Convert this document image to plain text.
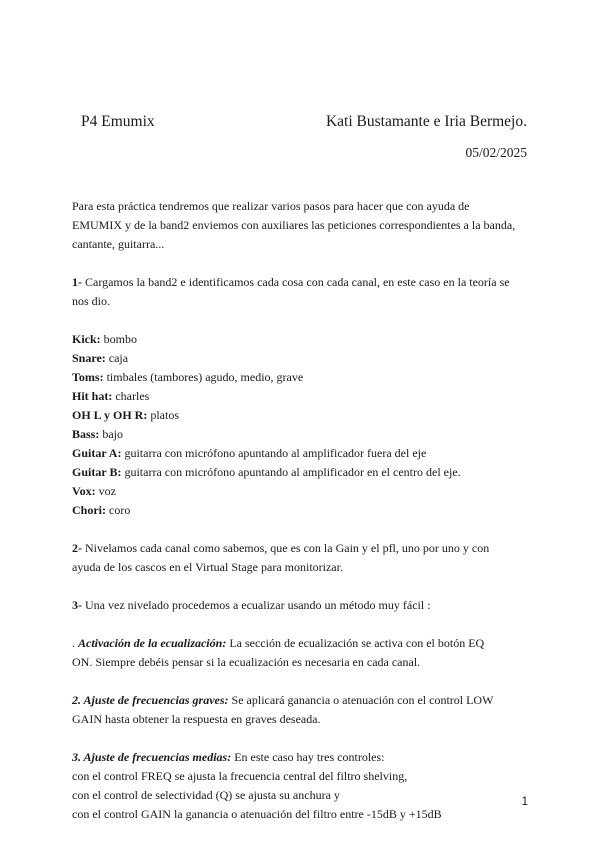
P4 Emumix	Kati Bustamante e Iria Bermejo.
05/02/2025

Para esta práctica tendremos que realizar varios pasos para hacer que con ayuda de
EMUMIX y de la band2 enviemos con auxiliares las peticiones correspondientes a la banda,
cantante, guitarra...

1- Cargamos la band2 e identificamos cada cosa con cada canal, en este caso en la teoría se
nos dio.

Kick: bombo
Snare: caja
Toms: timbales (tambores) agudo, medio, grave
Hit hat: charles
OH L y OH R: platos
Bass: bajo
Guitar A: guitarra con micrófono apuntando al amplificador fuera del eje
Guitar B: guitarra con micrófono apuntando al amplificador en el centro del eje.
Vox: voz
Chori: coro

2- Nivelamos cada canal como sabemos, que es con la Gain y el pfl, uno por uno y con
ayuda de los cascos en el Virtual Stage para monitorizar.

3- Una vez nivelado procedemos a ecualizar usando un método muy fácil :

. Activación de la ecualización: La sección de ecualización se activa con el botón EQ
ON. Siempre debéis pensar si la ecualización es necesaria en cada canal.

2. Ajuste de frecuencias graves: Se aplicará ganancia o atenuación con el control LOW
GAIN hasta obtener la respuesta en graves deseada.

3. Ajuste de frecuencias medias: En este caso hay tres controles:
con el control FREQ se ajusta la frecuencia central del filtro shelving,
con el control de selectividad (Q) se ajusta su anchura y
con el control GAIN la ganancia o atenuación del filtro entre -15dB y +15dB

1
